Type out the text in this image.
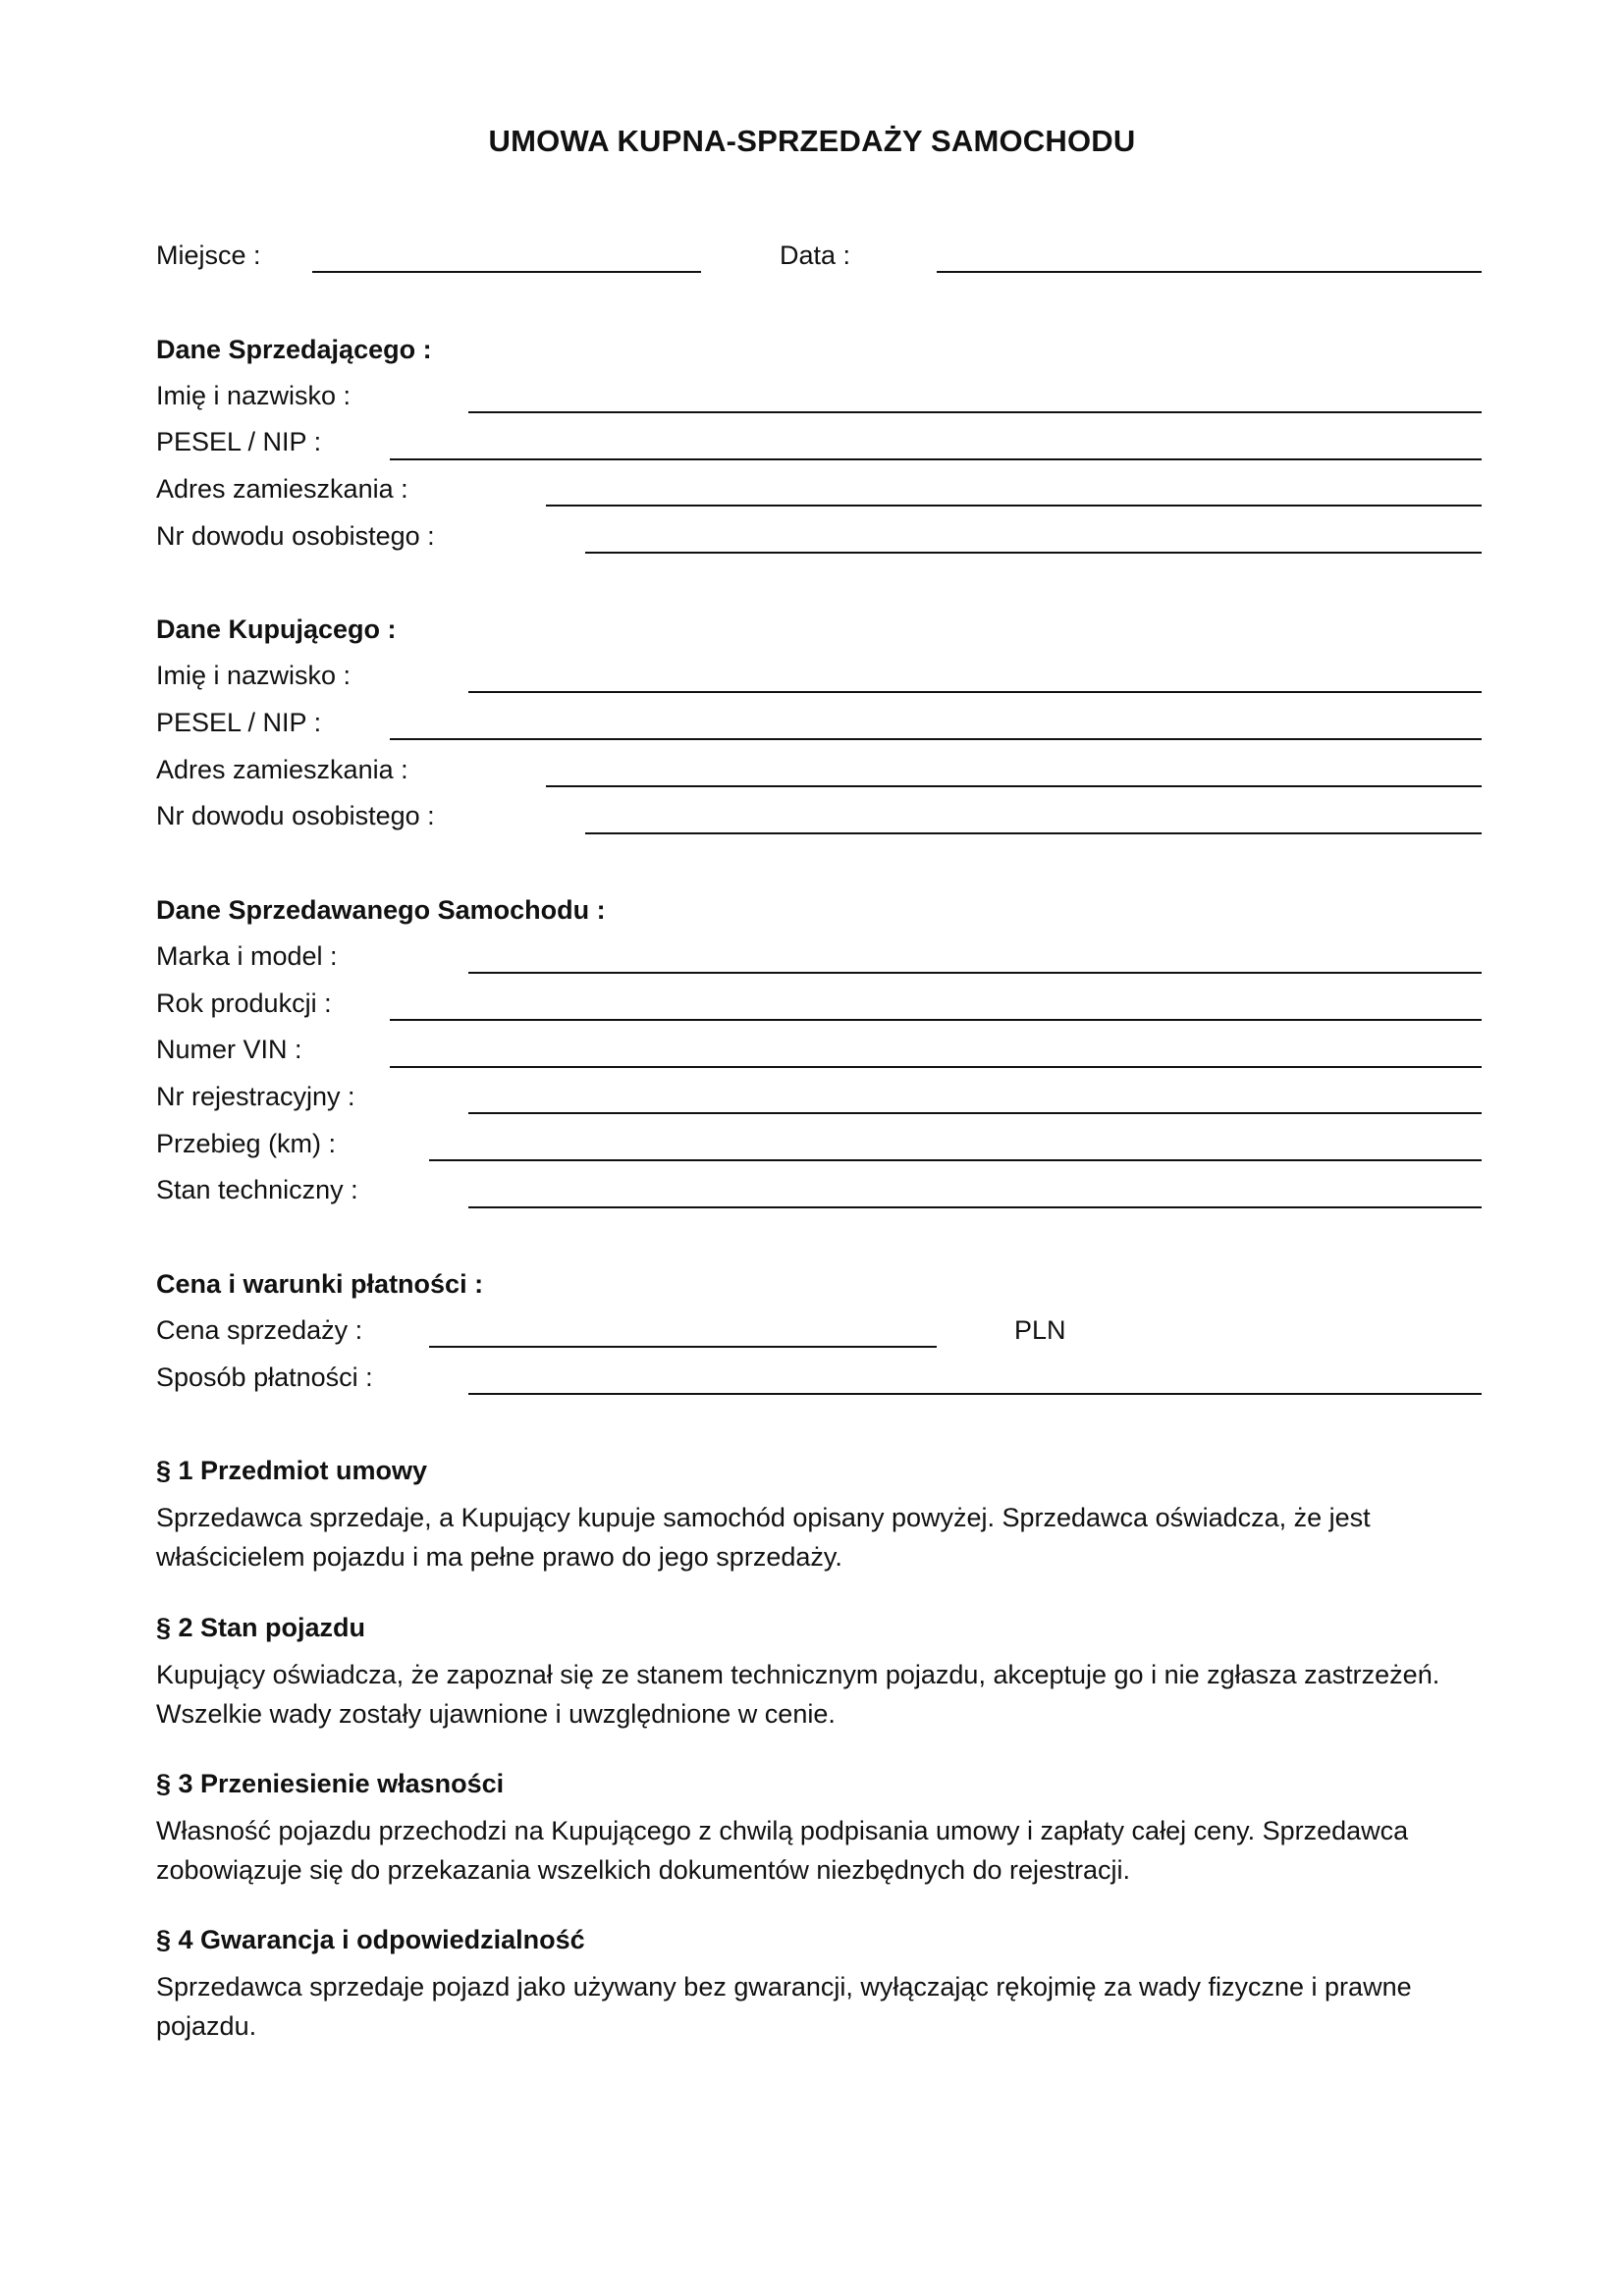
UMOWA KUPNA-SPRZEDAŻY SAMOCHODU
Miejsce :	Data :
Dane Sprzedającego :
Imię i nazwisko :
PESEL / NIP :
Adres zamieszkania :
Nr dowodu osobistego :
Dane Kupującego :
Imię i nazwisko :
PESEL / NIP :
Adres zamieszkania :
Nr dowodu osobistego :
Dane Sprzedawanego Samochodu :
Marka i model :
Rok produkcji :
Numer VIN :
Nr rejestracyjny :
Przebieg (km) :
Stan techniczny :
Cena i warunki płatności :
Cena sprzedaży :	PLN
Sposób płatności :
§ 1 Przedmiot umowy
Sprzedawca sprzedaje, a Kupujący kupuje samochód opisany powyżej. Sprzedawca oświadcza, że jest właścicielem pojazdu i ma pełne prawo do jego sprzedaży.
§ 2 Stan pojazdu
Kupujący oświadcza, że zapoznał się ze stanem technicznym pojazdu, akceptuje go i nie zgłasza zastrzeżeń. Wszelkie wady zostały ujawnione i uwzględnione w cenie.
§ 3 Przeniesienie własności
Własność pojazdu przechodzi na Kupującego z chwilą podpisania umowy i zapłaty całej ceny. Sprzedawca zobowiązuje się do przekazania wszelkich dokumentów niezbędnych do rejestracji.
§ 4 Gwarancja i odpowiedzialność
Sprzedawca sprzedaje pojazd jako używany bez gwarancji, wyłączając rękojmię za wady fizyczne i prawne pojazdu.
